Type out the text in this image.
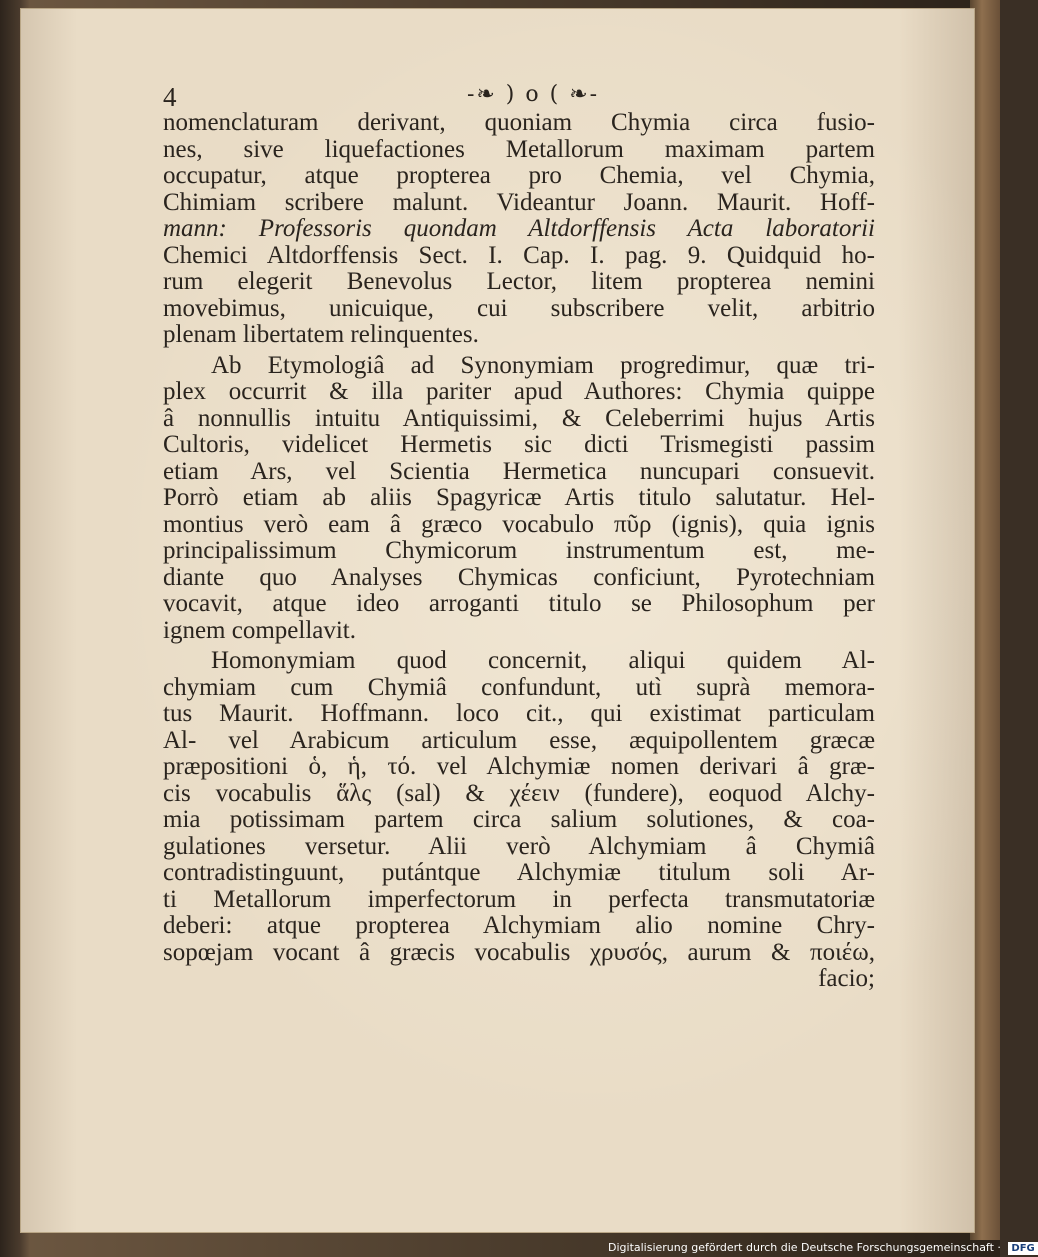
4	-❧ ) o ( ❧-
nomenclaturam derivant, quoniam Chymia circa fusio-
nes, sive liquefactiones Metallorum maximam partem
occupatur, atque propterea pro Chemia, vel Chymia,
Chimiam scribere malunt. Videantur Joann. Maurit. Hoff-
mann: Professoris quondam Altdorffensis Acta laboratorii
Chemici Altdorffensis Sect. I. Cap. I. pag. 9. Quidquid ho-
rum elegerit Benevolus Lector, litem propterea nemini
movebimus, unicuique, cui subscribere velit, arbitrio
plenam libertatem relinquentes.
Ab Etymologiâ ad Synonymiam progredimur, quæ tri-
plex occurrit & illa pariter apud Authores: Chymia quippe
â nonnullis intuitu Antiquissimi, & Celeberrimi hujus Artis
Cultoris, videlicet Hermetis sic dicti Trismegisti passim
etiam Ars, vel Scientia Hermetica nuncupari consuevit.
Porrò etiam ab aliis Spagyricæ Artis titulo salutatur. Hel-
montius verò eam â græco vocabulo πῦρ (ignis), quia ignis
principalissimum Chymicorum instrumentum est, me-
diante quo Analyses Chymicas conficiunt, Pyrotechniam
vocavit, atque ideo arroganti titulo se Philosophum per
ignem compellavit.
Homonymiam quod concernit, aliqui quidem Al-
chymiam cum Chymiâ confundunt, utì suprà memora-
tus Maurit. Hoffmann. loco cit., qui existimat particulam
Al- vel Arabicum articulum esse, æquipollentem græcæ
præpositioni ὁ, ἡ, τό. vel Alchymiæ nomen derivari â græ-
cis vocabulis ἅλς (sal) & χέειν (fundere), eoquod Alchy-
mia potissimam partem circa salium solutiones, & coa-
gulationes versetur. Alii verò Alchymiam â Chymiâ
contradistinguunt, putántque Alchymiæ titulum soli Ar-
ti Metallorum imperfectorum in perfecta transmutatoriæ
deberi: atque propterea Alchymiam alio nomine Chry-
sopœjam vocant â græcis vocabulis χρυσός, aurum & ποιέω,
facio;
Digitalisierung gefördert durch die Deutsche Forschungsgemeinschaft · DFG
